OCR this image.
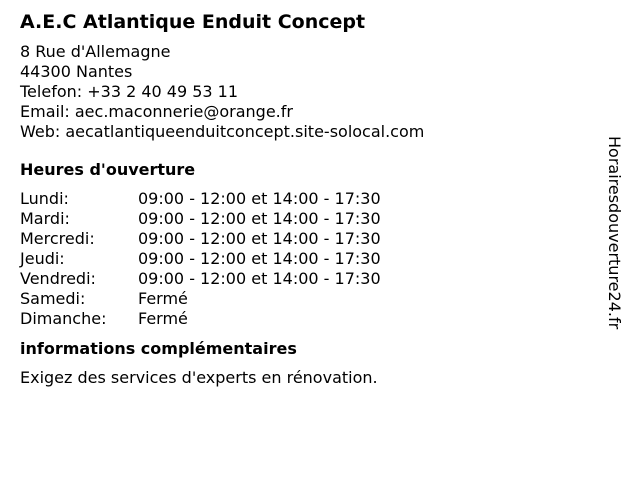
A.E.C Atlantique Enduit Concept
8 Rue d'Allemagne
44300 Nantes
Telefon: +33 2 40 49 53 11
Email: aec.maconnerie@orange.fr
Web: aecatlantiqueenduitconcept.site-solocal.com
Heures d'ouverture
Lundi:	09:00 - 12:00 et 14:00 - 17:30
Mardi:	09:00 - 12:00 et 14:00 - 17:30
Mercredi:	09:00 - 12:00 et 14:00 - 17:30
Jeudi:	09:00 - 12:00 et 14:00 - 17:30
Vendredi:	09:00 - 12:00 et 14:00 - 17:30
Samedi:	Fermé
Dimanche:	Fermé
informations complémentaires
Exigez des services d'experts en rénovation.
Horairesdouverture24.fr
